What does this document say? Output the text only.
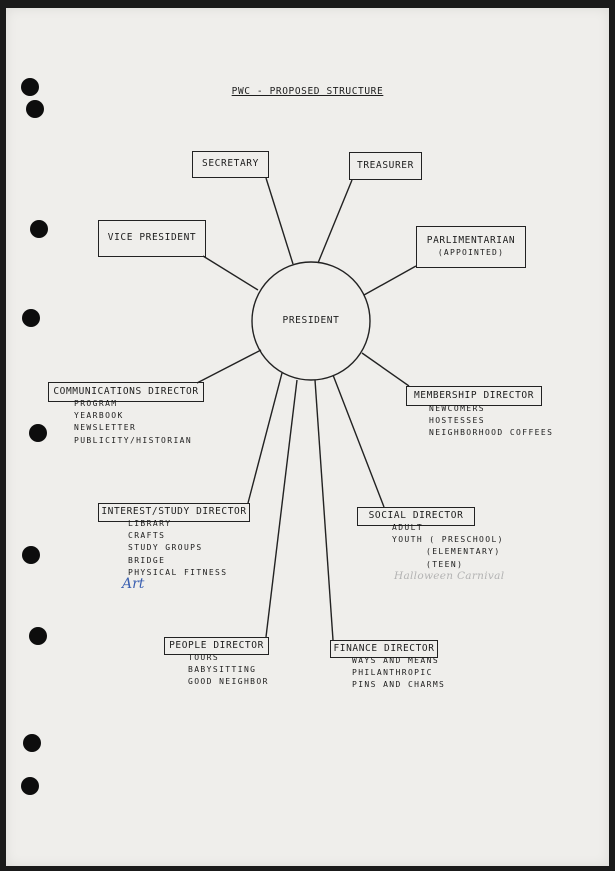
PWC - PROPOSED STRUCTURE
PRESIDENT
SECRETARY	TREASURER
VICE PRESIDENT	PARLIMENTARIAN
(APPOINTED)
COMMUNICATIONS DIRECTOR
PROGRAM
YEARBOOK
NEWSLETTER
PUBLICITY/HISTORIAN
MEMBERSHIP DIRECTOR
NEWCOMERS
HOSTESSES
NEIGHBORHOOD COFFEES
INTEREST/STUDY DIRECTOR
LIBRARY
CRAFTS
STUDY GROUPS
BRIDGE
PHYSICAL FITNESS
Art
SOCIAL DIRECTOR
ADULT
YOUTH ( PRESCHOOL)
(ELEMENTARY)
(TEEN)
Halloween Carnival
PEOPLE DIRECTOR
TOURS
BABYSITTING
GOOD NEIGHBOR
FINANCE DIRECTOR
WAYS AND MEANS
PHILANTHROPIC
PINS AND CHARMS
